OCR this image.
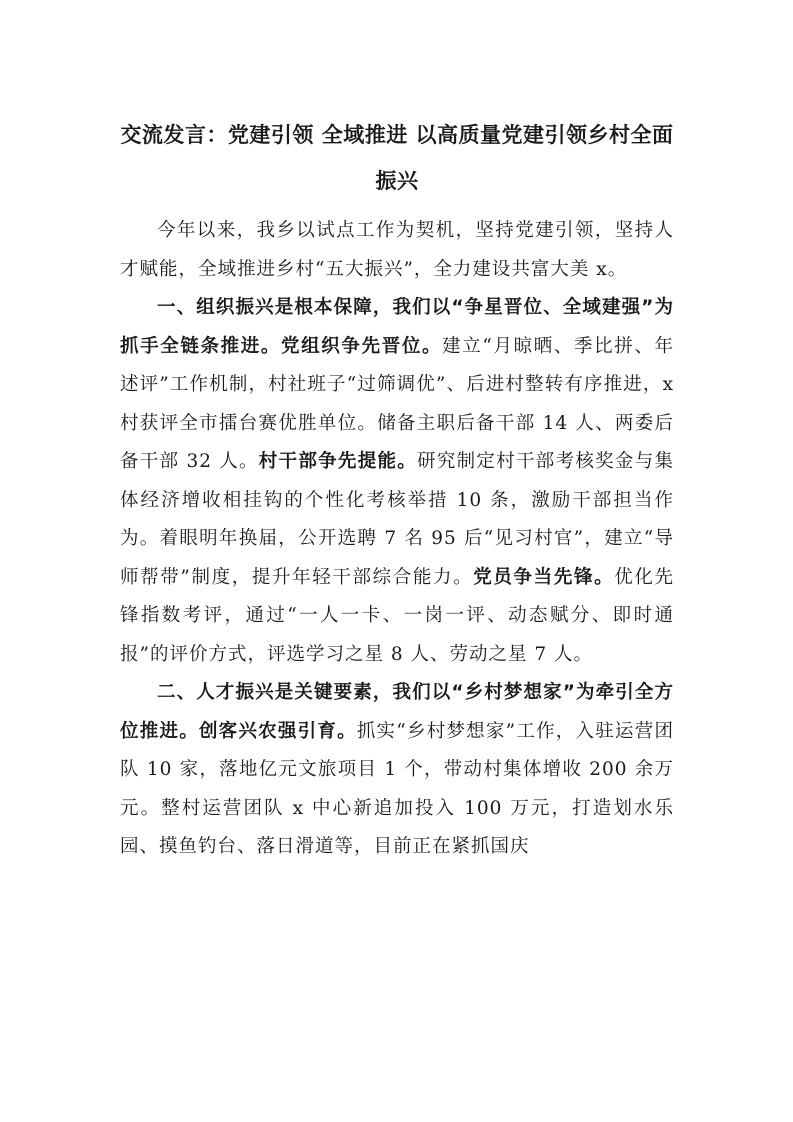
交流发言：党建引领 全域推进 以高质量党建引领乡村全面振兴

今年以来，我乡以试点工作为契机，坚持党建引领，坚持人才赋能，全域推进乡村“五大振兴”，全力建设共富大美 x。

一、组织振兴是根本保障，我们以“争星晋位、全域建强”为抓手全链条推进。党组织争先晋位。建立“月晾晒、季比拼、年述评”工作机制，村社班子“过筛调优”、后进村整转有序推进，x 村获评全市擂台赛优胜单位。储备主职后备干部 14 人、两委后备干部 32 人。村干部争先提能。研究制定村干部考核奖金与集体经济增收相挂钩的个性化考核举措 10 条，激励干部担当作为。着眼明年换届，公开选聘 7 名 95 后“见习村官”，建立“导师帮带”制度，提升年轻干部综合能力。党员争当先锋。优化先锋指数考评，通过“一人一卡、一岗一评、动态赋分、即时通报”的评价方式，评选学习之星 8 人、劳动之星 7 人。

二、人才振兴是关键要素，我们以“乡村梦想家”为牵引全方位推进。创客兴农强引育。抓实“乡村梦想家”工作，入驻运营团队 10 家，落地亿元文旅项目 1 个，带动村集体增收 200 余万元。整村运营团队 x 中心新追加投入 100 万元，打造划水乐园、摸鱼钓台、落日滑道等，目前正在紧抓国庆
